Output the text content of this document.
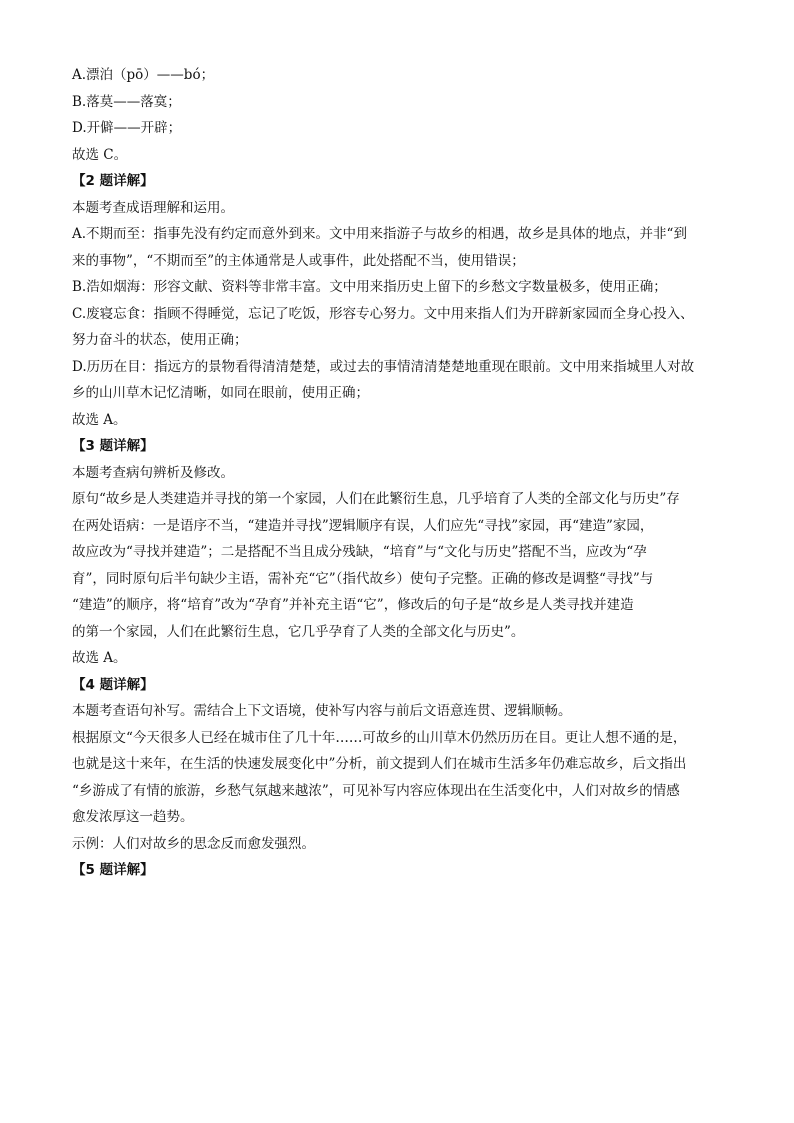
A.漂泊（pō）——bó；
B.落莫——落寞；
D.开僻——开辟；
故选 C。
【2 题详解】
本题考查成语理解和运用。
A.不期而至：指事先没有约定而意外到来。文中用来指游子与故乡的相遇，故乡是具体的地点，并非“到
来的事物”，“不期而至”的主体通常是人或事件，此处搭配不当，使用错误；
B.浩如烟海：形容文献、资料等非常丰富。文中用来指历史上留下的乡愁文字数量极多，使用正确；
C.废寝忘食：指顾不得睡觉，忘记了吃饭，形容专心努力。文中用来指人们为开辟新家园而全身心投入、
努力奋斗的状态，使用正确；
D.历历在目：指远方的景物看得清清楚楚，或过去的事情清清楚楚地重现在眼前。文中用来指城里人对故
乡的山川草木记忆清晰，如同在眼前，使用正确；
故选 A。
【3 题详解】
本题考查病句辨析及修改。
原句“故乡是人类建造并寻找的第一个家园，人们在此繁衍生息，几乎培育了人类的全部文化与历史”存
在两处语病：一是语序不当，“建造并寻找”逻辑顺序有误，人们应先“寻找”家园，再“建造”家园，
故应改为“寻找并建造”；二是搭配不当且成分残缺，“培育”与“文化与历史”搭配不当，应改为“孕
育”，同时原句后半句缺少主语，需补充“它”（指代故乡）使句子完整。正确的修改是调整“寻找”与
“建造”的顺序，将“培育”改为“孕育”并补充主语“它”，修改后的句子是“故乡是人类寻找并建造
的第一个家园，人们在此繁衍生息，它几乎孕育了人类的全部文化与历史”。
故选 A。
【4 题详解】
本题考查语句补写。需结合上下文语境，使补写内容与前后文语意连贯、逻辑顺畅。
根据原文“今天很多人已经在城市住了几十年……可故乡的山川草木仍然历历在目。更让人想不通的是，
也就是这十来年，在生活的快速发展变化中”分析，前文提到人们在城市生活多年仍难忘故乡，后文指出
“乡游成了有情的旅游，乡愁气氛越来越浓”，可见补写内容应体现出在生活变化中，人们对故乡的情感
愈发浓厚这一趋势。
示例：人们对故乡的思念反而愈发强烈。
【5 题详解】
